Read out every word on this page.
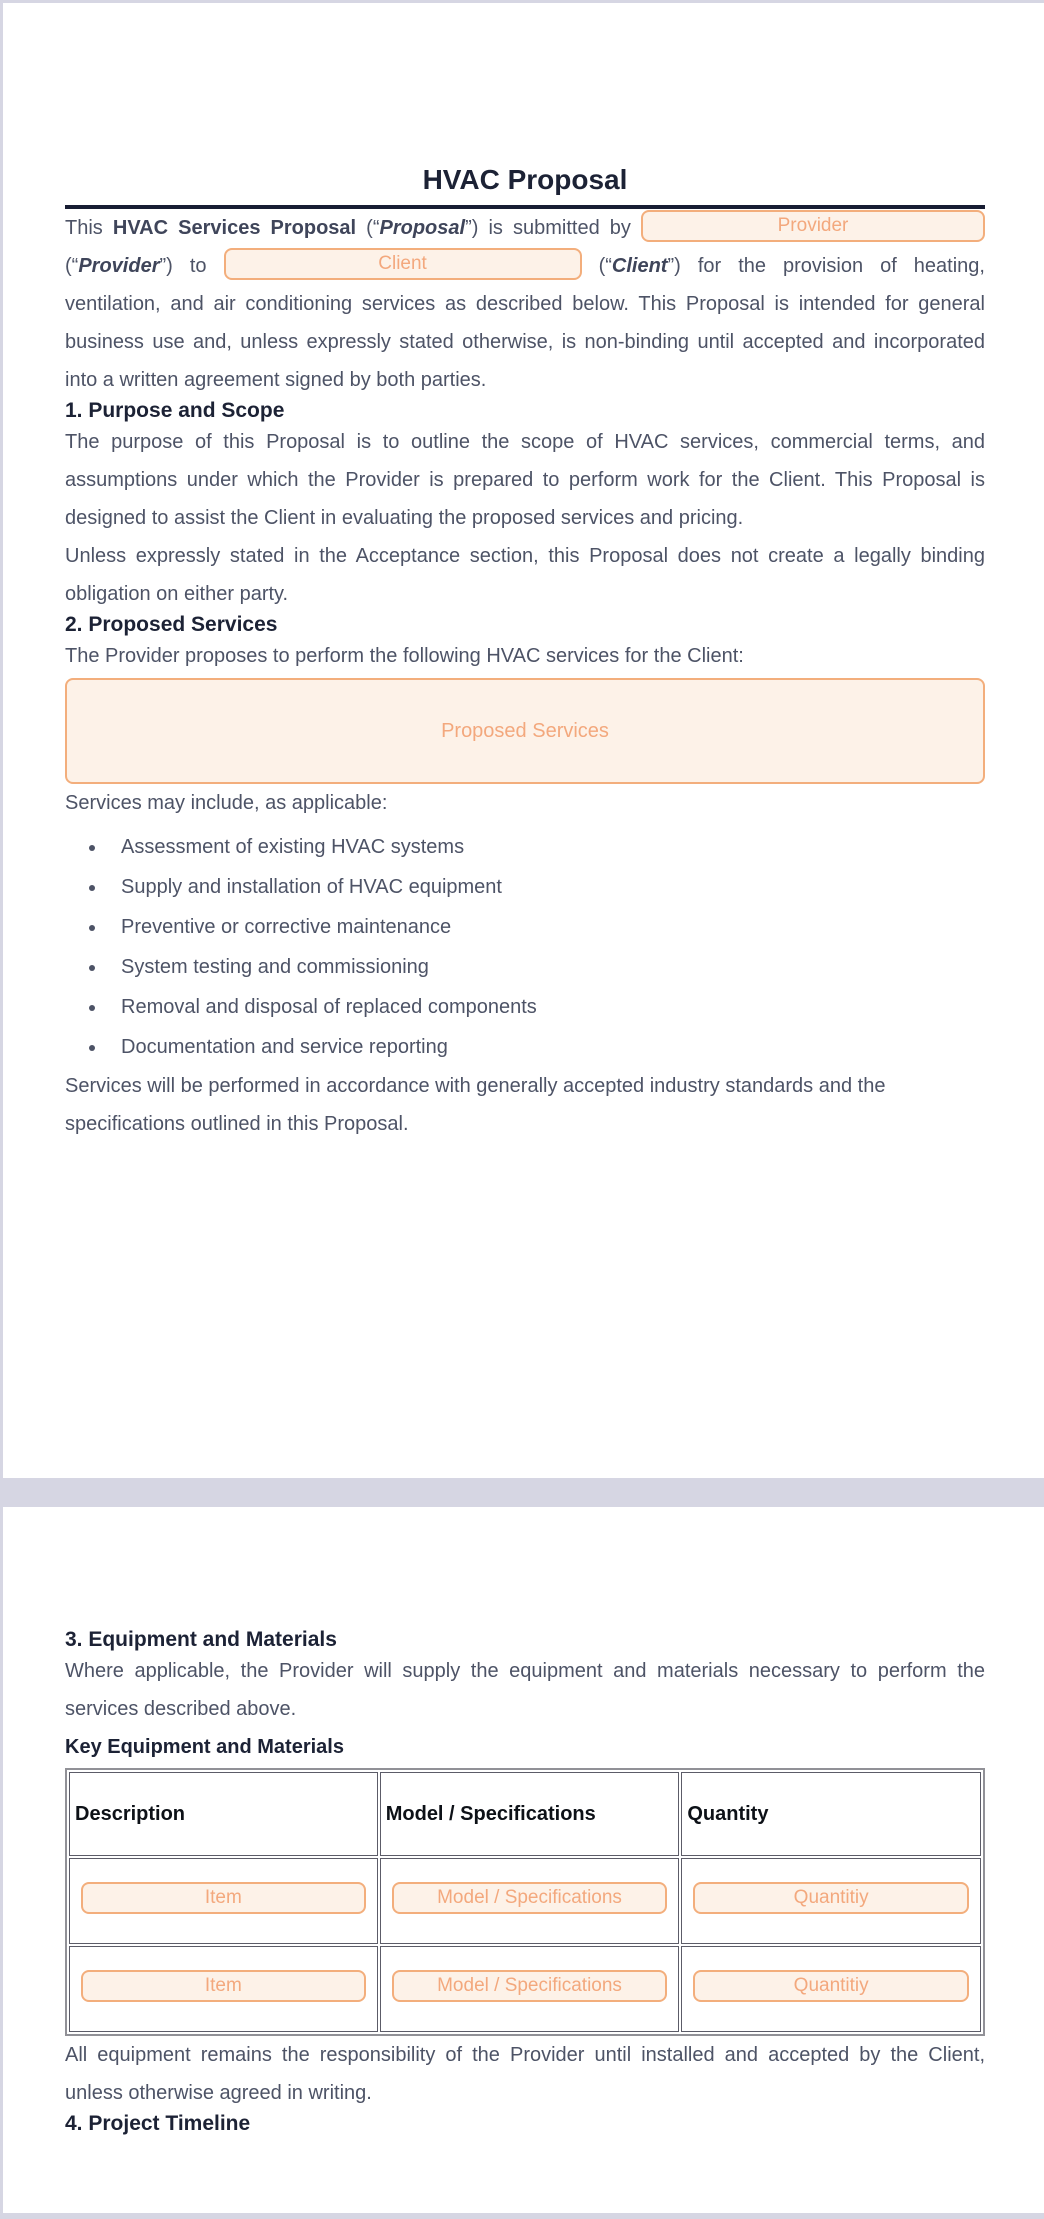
HVAC Proposal

This HVAC Services Proposal (“Proposal”) is submitted by Provider (“Provider”) to Client	(“Client”) for the provision of heating, ventilation, and air conditioning services as described below. This Proposal is intended for general business use and, unless expressly stated otherwise, is non-binding until accepted and incorporated into a written agreement signed by both parties.

1. Purpose and Scope

The purpose of this Proposal is to outline the scope of HVAC services, commercial terms, and assumptions under which the Provider is prepared to perform work for the Client. This Proposal is designed to assist the Client in evaluating the proposed services and pricing.

Unless expressly stated in the Acceptance section, this Proposal does not create a legally binding obligation on either party.

2. Proposed Services

The Provider proposes to perform the following HVAC services for the Client:

Proposed Services

Services may include, as applicable:

• Assessment of existing HVAC systems
• Supply and installation of HVAC equipment
• Preventive or corrective maintenance
• System testing and commissioning
• Removal and disposal of replaced components
• Documentation and service reporting

Services will be performed in accordance with generally accepted industry standards and the specifications outlined in this Proposal.

3. Equipment and Materials

Where applicable, the Provider will supply the equipment and materials necessary to perform the services described above.

Key Equipment and Materials

Description	Model / Specifications	Quantity
Item	Model / Specifications	Quantitiy
Item	Model / Specifications	Quantitiy

All equipment remains the responsibility of the Provider until installed and accepted by the Client, unless otherwise agreed in writing.

4. Project Timeline
